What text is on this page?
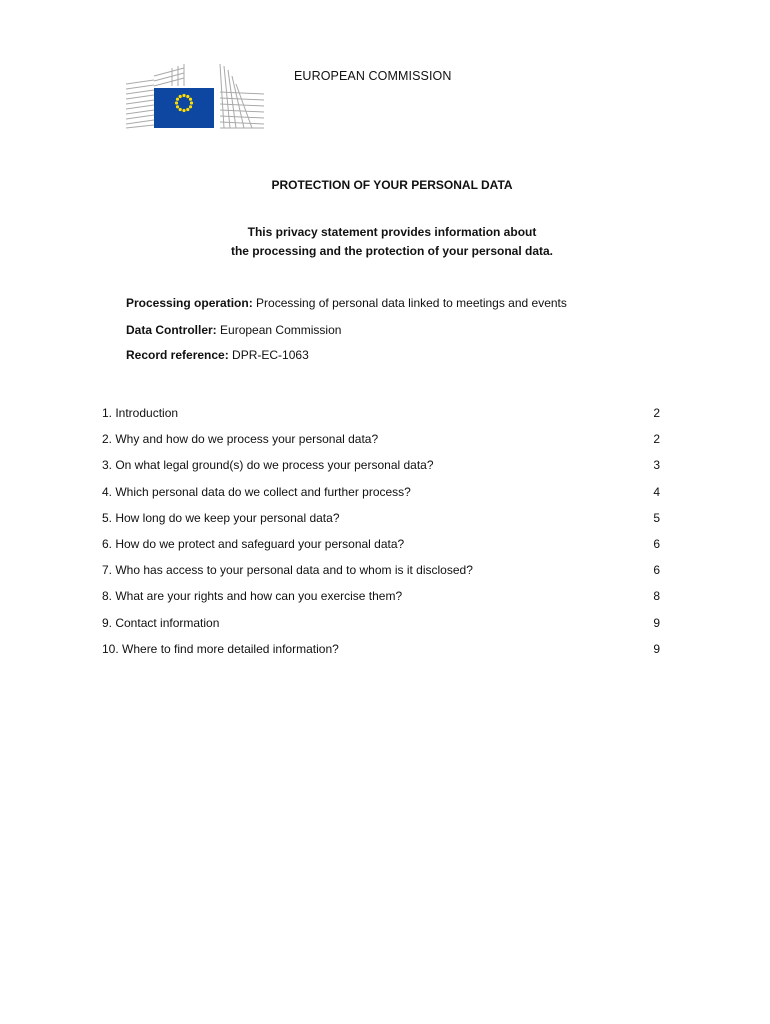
EUROPEAN COMMISSION
PROTECTION OF YOUR PERSONAL DATA
This privacy statement provides information about
the processing and the protection of your personal data.
Processing operation: Processing of personal data linked to meetings and events
Data Controller: European Commission
Record reference: DPR-EC-1063
1. Introduction	2
2. Why and how do we process your personal data?	2
3. On what legal ground(s) do we process your personal data?	3
4. Which personal data do we collect and further process?	4
5. How long do we keep your personal data?	5
6. How do we protect and safeguard your personal data?	6
7. Who has access to your personal data and to whom is it disclosed?	6
8. What are your rights and how can you exercise them?	8
9. Contact information	9
10. Where to find more detailed information?	9
